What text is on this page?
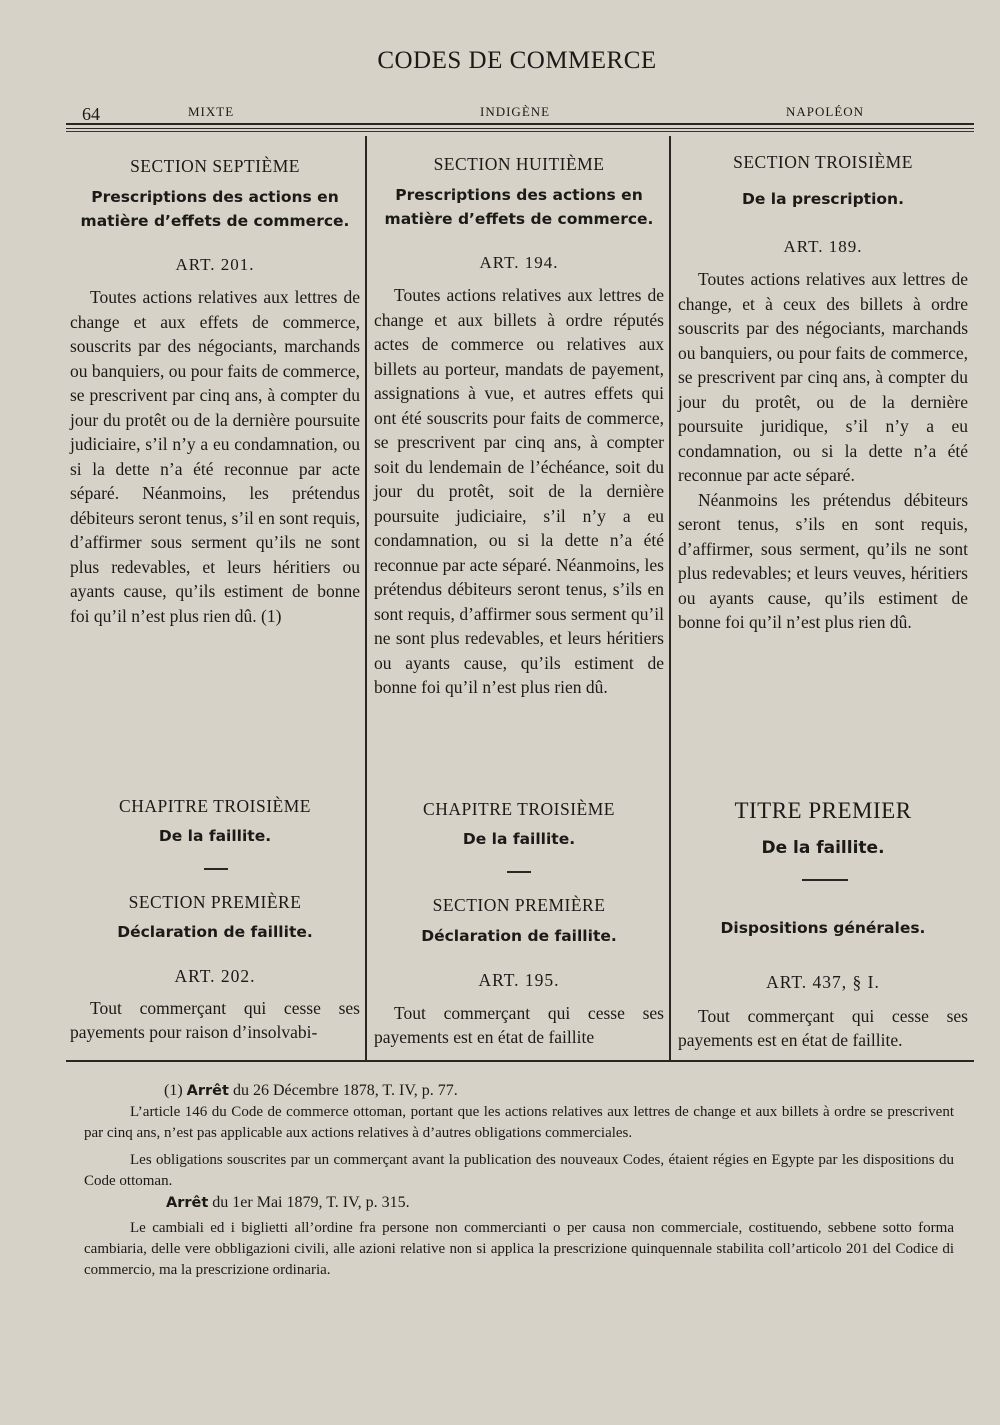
CODES DE COMMERCE
64	MIXTE	INDIGÈNE	NAPOLÉON
SECTION SEPTIÈME
Prescriptions des actions en matière d’effets de commerce.
ART. 201.

Toutes actions relatives aux lettres de change et aux effets de commerce, souscrits par des négociants, marchands ou banquiers, ou pour faits de commerce, se prescrivent par cinq ans, à compter du jour du protêt ou de la dernière poursuite judiciaire, s’il n’y a eu condamnation, ou si la dette n’a été reconnue par acte séparé. Néanmoins, les prétendus débiteurs seront tenus, s’il en sont requis, d’affirmer sous serment qu’ils ne sont plus redevables, et leurs héritiers ou ayants cause, qu’ils estiment de bonne foi qu’il n’est plus rien dû. (1)

CHAPITRE TROISIÈME
De la faillite.
SECTION PREMIÈRE
Déclaration de faillite.
ART. 202.

Tout commerçant qui cesse ses payements pour raison d’insolvabi-

SECTION HUITIÈME
Prescriptions des actions en matière d’effets de commerce.
ART. 194.

Toutes actions relatives aux lettres de change et aux billets à ordre réputés actes de commerce ou relatives aux billets au porteur, mandats de payement, assignations à vue, et autres effets qui ont été souscrits pour faits de commerce, se prescrivent par cinq ans, à compter soit du lendemain de l’échéance, soit du jour du protêt, soit de la dernière poursuite judiciaire, s’il n’y a eu condamnation, ou si la dette n’a été reconnue par acte séparé. Néanmoins, les prétendus débiteurs seront tenus, s’ils en sont requis, d’affirmer sous serment qu’il ne sont plus redevables, et leurs héritiers ou ayants cause, qu’ils estiment de bonne foi qu’il n’est plus rien dû.

CHAPITRE TROISIÈME
De la faillite.
SECTION PREMIÈRE
Déclaration de faillite.
ART. 195.

Tout commerçant qui cesse ses payements est en état de faillite

SECTION TROISIÈME
De la prescription.
ART. 189.

Toutes actions relatives aux lettres de change, et à ceux des billets à ordre souscrits par des négociants, marchands ou banquiers, ou pour faits de commerce, se prescrivent par cinq ans, à compter du jour du protêt, ou de la dernière poursuite juridique, s’il n’y a eu condamnation, ou si la dette n’a été reconnue par acte séparé.

Néanmoins les prétendus débiteurs seront tenus, s’ils en sont requis, d’affirmer, sous serment, qu’ils ne sont plus redevables; et leurs veuves, héritiers ou ayants cause, qu’ils estiment de bonne foi qu’il n’est plus rien dû.

TITRE PREMIER
De la faillite.
Dispositions générales.
ART. 437, § I.

Tout commerçant qui cesse ses payements est en état de faillite.

(1) Arrêt du 26 Décembre 1878, T. IV, p. 77.

L’article 146 du Code de commerce ottoman, portant que les actions relatives aux lettres de change et aux billets à ordre se prescrivent par cinq ans, n’est pas applicable aux actions relatives à d’autres obligations commerciales.

Les obligations souscrites par un commerçant avant la publication des nouveaux Codes, étaient régies en Egypte par les dispositions du Code ottoman.

Arrêt du 1er Mai 1879, T. IV, p. 315.

Le cambiali ed i biglietti all’ordine fra persone non commercianti o per causa non commerciale, costituendo, sebbene sotto forma cambiaria, delle vere obbligazioni civili, alle azioni relative non si applica la prescrizione quinquennale stabilita coll’articolo 201 del Codice di commercio, ma la prescrizione ordinaria.
